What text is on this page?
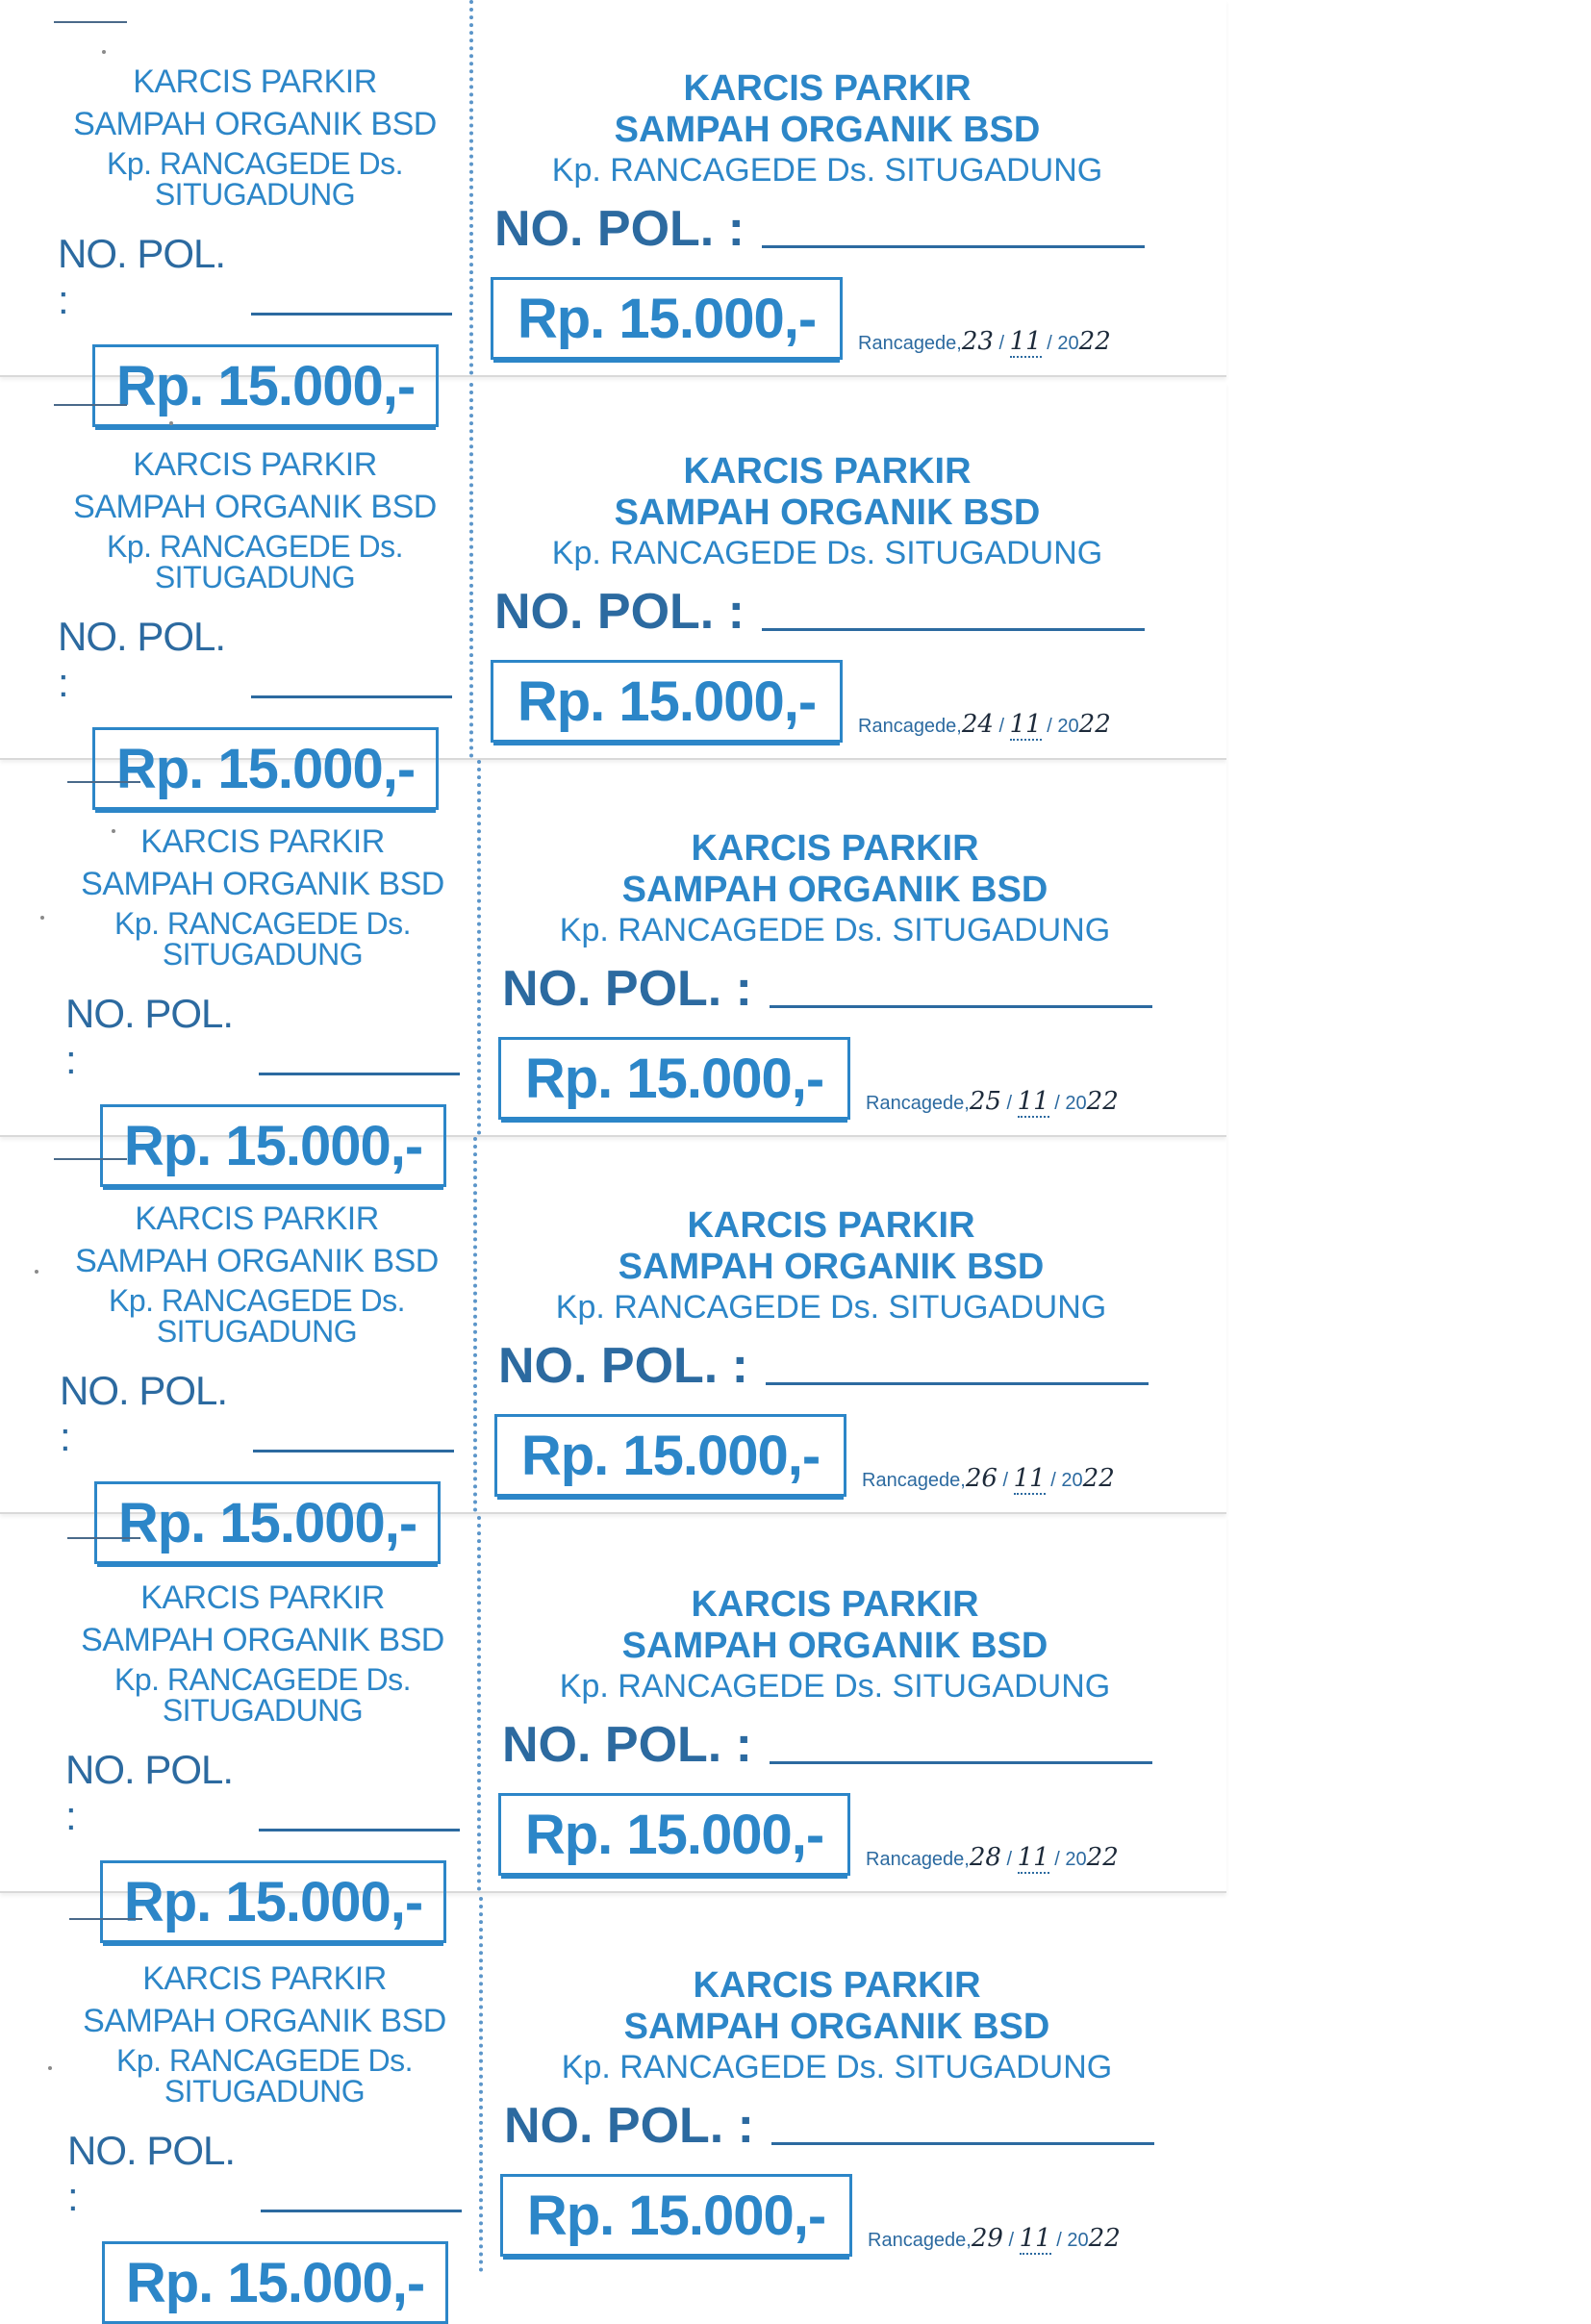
KARCIS PARKIR
SAMPAH ORGANIK BSD
Kp. RANCAGEDE Ds. SITUGADUNG
NO. POL. :
Rp. 15.000,-
KARCIS PARKIR
SAMPAH ORGANIK BSD
Kp. RANCAGEDE Ds. SITUGADUNG
NO. POL. :
Rp. 15.000,-	Rancagede,23 / 11 / 2022
KARCIS PARKIR
SAMPAH ORGANIK BSD
Kp. RANCAGEDE Ds. SITUGADUNG
NO. POL. :
Rp. 15.000,-
KARCIS PARKIR
SAMPAH ORGANIK BSD
Kp. RANCAGEDE Ds. SITUGADUNG
NO. POL. :
Rp. 15.000,-	Rancagede,24 / 11 / 2022
KARCIS PARKIR
SAMPAH ORGANIK BSD
Kp. RANCAGEDE Ds. SITUGADUNG
NO. POL. :
Rp. 15.000,-
KARCIS PARKIR
SAMPAH ORGANIK BSD
Kp. RANCAGEDE Ds. SITUGADUNG
NO. POL. :
Rp. 15.000,-	Rancagede,25 / 11 / 2022
KARCIS PARKIR
SAMPAH ORGANIK BSD
Kp. RANCAGEDE Ds. SITUGADUNG
NO. POL. :
Rp. 15.000,-
KARCIS PARKIR
SAMPAH ORGANIK BSD
Kp. RANCAGEDE Ds. SITUGADUNG
NO. POL. :
Rp. 15.000,-	Rancagede,26 / 11 / 2022
KARCIS PARKIR
SAMPAH ORGANIK BSD
Kp. RANCAGEDE Ds. SITUGADUNG
NO. POL. :
Rp. 15.000,-
KARCIS PARKIR
SAMPAH ORGANIK BSD
Kp. RANCAGEDE Ds. SITUGADUNG
NO. POL. :
Rp. 15.000,-	Rancagede,28 / 11 / 2022
KARCIS PARKIR
SAMPAH ORGANIK BSD
Kp. RANCAGEDE Ds. SITUGADUNG
NO. POL. :
Rp. 15.000,-
KARCIS PARKIR
SAMPAH ORGANIK BSD
Kp. RANCAGEDE Ds. SITUGADUNG
NO. POL. :
Rp. 15.000,-	Rancagede,29 / 11 / 2022
